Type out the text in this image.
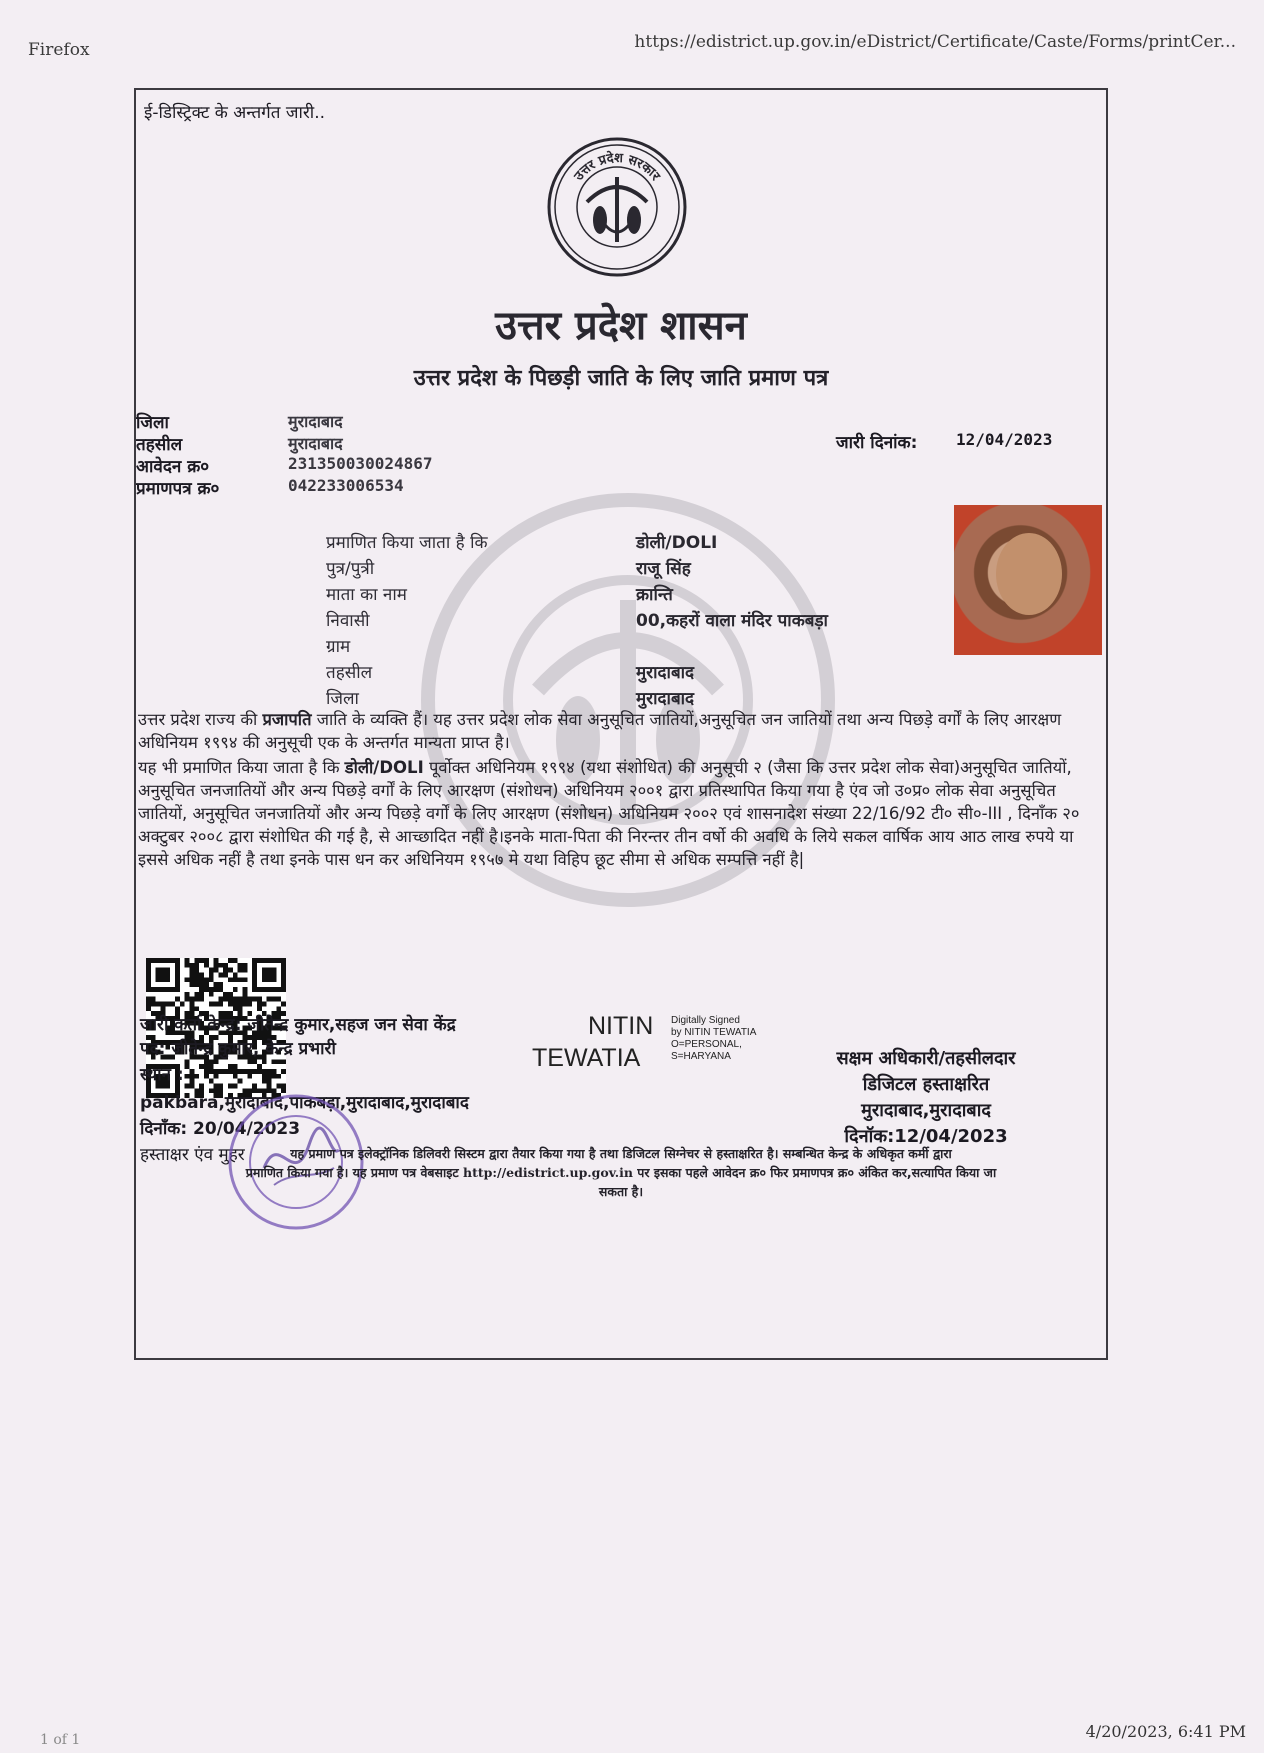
Firefox	https://edistrict.up.gov.in/eDistrict/Certificate/Caste/Forms/printCer...
ई-डिस्ट्रिक्ट के अन्तर्गत जारी..
उत्तर प्रदेश सरकार
उत्तर प्रदेश शासन
उत्तर प्रदेश के पिछड़ी जाति के लिए जाति प्रमाण पत्र
जिला	मुरादाबाद
तहसील	मुरादाबाद
आवेदन क्र०	231350030024867
प्रमाणपत्र क्र०	042233006534
जारी दिनांक: 12/04/2023
प्रमाणित किया जाता है कि	डोली/DOLI
पुत्र/पुत्री	राजू सिंह
माता का नाम	क्रान्ति
निवासी	00,कहरों वाला मंदिर पाकबड़ा
ग्राम
तहसील	मुरादाबाद
जिला	मुरादाबाद
उत्तर प्रदेश राज्य की प्रजापति जाति के व्यक्ति हैं। यह उत्तर प्रदेश लोक सेवा अनुसूचित जातियों,अनुसूचित जन जातियों तथा अन्य पिछड़े वर्गों के लिए आरक्षण अधिनियम १९९४ की अनुसूची एक के अन्तर्गत मान्यता प्राप्त है।
यह भी प्रमाणित किया जाता है कि डोली/DOLI पूर्वोक्त अधिनियम १९९४ (यथा संशोधित) की अनुसूची २ (जैसा कि उत्तर प्रदेश लोक सेवा)अनुसूचित जातियों, अनुसूचित जनजातियों और अन्य पिछड़े वर्गों के लिए आरक्षण (संशोधन) अधिनियम २००१ द्वारा प्रतिस्थापित किया गया है एंव जो उ०प्र० लोक सेवा अनुसूचित जातियों, अनुसूचित जनजातियों और अन्य पिछड़े वर्गों के लिए आरक्षण (संशोधन) अधिनियम २००२ एवं शासनादेश संख्या 22/16/92 टी० सी०-III , दिनाँक २० अक्टुबर २००८ द्वारा संशोधित की गई है, से आच्छादित नहीं है।इनके माता-पिता की निरन्तर तीन वर्षो की अवधि के लिये सकल वार्षिक आय आठ लाख रुपये या इससे अधिक नहीं है तथा इनके पास धन कर अधिनियम १९५७ मे यथा विहिप छूट सीमा से अधिक सम्पत्ति नहीं है|
जारी कर्ता केन्द्र: जीतेन्द्र कुमार,सहज जन सेवा केंद्र
पद: जीतेन्द्र कुमार, केन्द्र प्रभारी
स्थान :
pakbara,मुरादाबाद,पाकबड़ा,मुरादाबाद,मुरादाबाद
दिनाँक: 20/04/2023
हस्ताक्षर एंव मुहर
NITIN
TEWATIA
Digitally Signed
by NITIN TEWATIA
O=PERSONAL,
S=HARYANA	सक्षम अधिकारी/तहसीलदार
डिजिटल हस्ताक्षरित
मुरादाबाद,मुरादाबाद
दिनॉक:12/04/2023
यह प्रमाण पत्र इलेक्ट्रॉनिक डिलिवरी सिस्टम द्वारा तैयार किया गया है तथा डिजिटल सिग्नेचर से हस्ताक्षरित है। सम्बन्धित केन्द्र के अधिकृत कर्मी द्वारा
प्रमाणित किया गया है। यह प्रमाण पत्र वेबसाइट http://edistrict.up.gov.in पर इसका पहले आवेदन क्र० फिर प्रमाणपत्र क्र० अंकित कर,सत्यापित किया जा
सकता है।
1 of 1	4/20/2023, 6:41 PM
